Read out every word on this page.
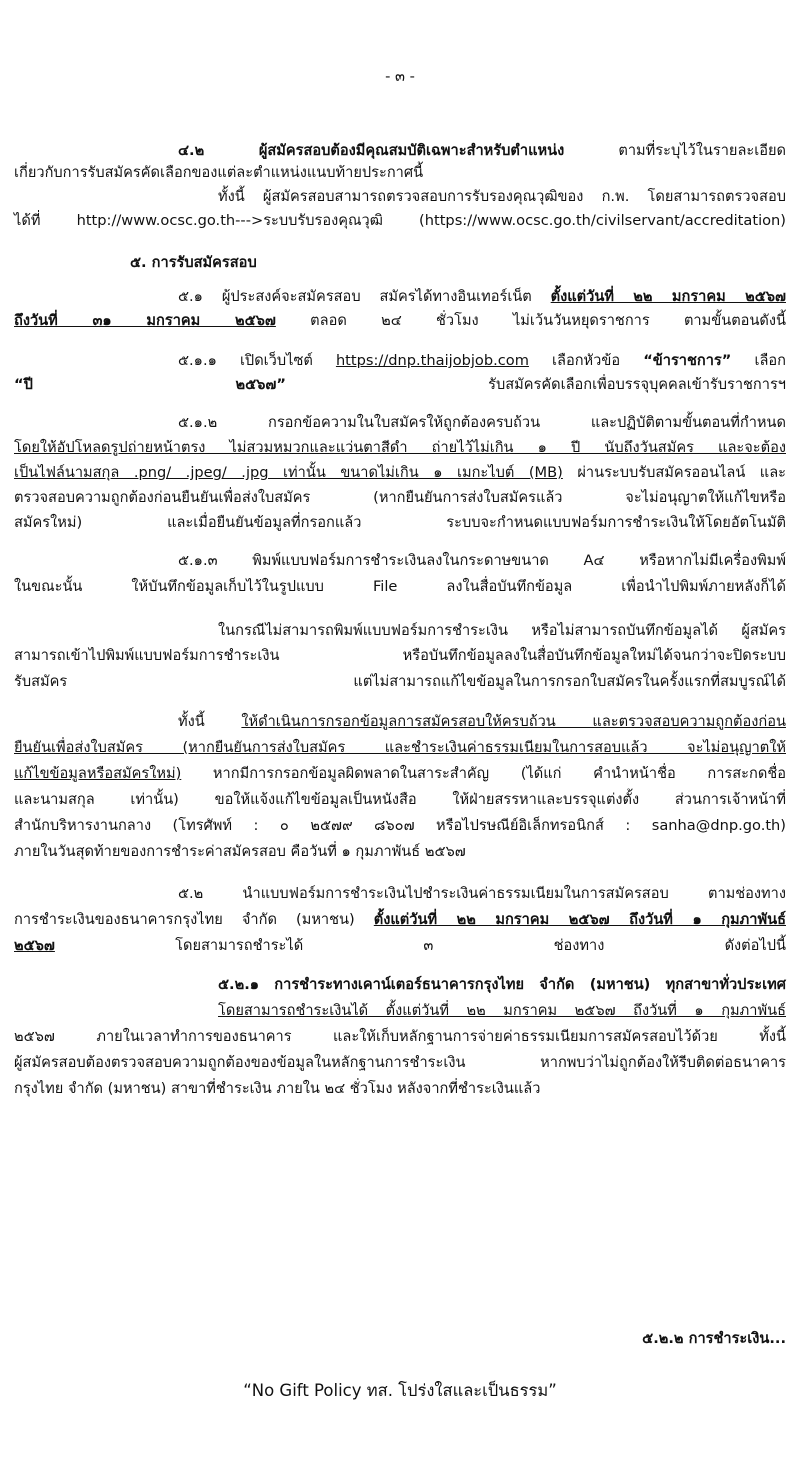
- ๓ -
๔.๒ ผู้สมัครสอบต้องมีคุณสมบัติเฉพาะสำหรับตำแหน่ง ตามที่ระบุไว้ในรายละเอียด
เกี่ยวกับการรับสมัครคัดเลือกของแต่ละตำแหน่งแนบท้ายประกาศนี้
ทั้งนี้ ผู้สมัครสอบสามารถตรวจสอบการรับรองคุณวุฒิของ ก.พ. โดยสามารถตรวจสอบ
ได้ที่ http://www.ocsc.go.th--->ระบบรับรองคุณวุฒิ (https://www.ocsc.go.th/civilservant/accreditation)
๕. การรับสมัครสอบ
๕.๑ ผู้ประสงค์จะสมัครสอบ สมัครได้ทางอินเทอร์เน็ต ตั้งแต่วันที่ ๒๒ มกราคม ๒๕๖๗
ถึงวันที่ ๓๑ มกราคม ๒๕๖๗ ตลอด ๒๔ ชั่วโมง ไม่เว้นวันหยุดราชการ ตามขั้นตอนดังนี้
๕.๑.๑ เปิดเว็บไซต์ https://dnp.thaijobjob.com เลือกหัวข้อ “ข้าราชการ” เลือก
“ปี ๒๕๖๗” รับสมัครคัดเลือกเพื่อบรรจุบุคคลเข้ารับราชการฯ
๕.๑.๒ กรอกข้อความในใบสมัครให้ถูกต้องครบถ้วน และปฏิบัติตามขั้นตอนที่กำหนด
โดยให้อัปโหลดรูปถ่ายหน้าตรง ไม่สวมหมวกและแว่นตาสีดำ ถ่ายไว้ไม่เกิน ๑ ปี นับถึงวันสมัคร และจะต้อง
เป็นไฟล์นามสกุล .png/ .jpeg/ .jpg เท่านั้น ขนาดไม่เกิน ๑ เมกะไบต์ (MB) ผ่านระบบรับสมัครออนไลน์ และ
ตรวจสอบความถูกต้องก่อนยืนยันเพื่อส่งใบสมัคร (หากยืนยันการส่งใบสมัครแล้ว จะไม่อนุญาตให้แก้ไขหรือ
สมัครใหม่) และเมื่อยืนยันข้อมูลที่กรอกแล้ว ระบบจะกำหนดแบบฟอร์มการชำระเงินให้โดยอัตโนมัติ
๕.๑.๓ พิมพ์แบบฟอร์มการชำระเงินลงในกระดาษขนาด A๔ หรือหากไม่มีเครื่องพิมพ์
ในขณะนั้น ให้บันทึกข้อมูลเก็บไว้ในรูปแบบ File ลงในสื่อบันทึกข้อมูล เพื่อนำไปพิมพ์ภายหลังก็ได้
ในกรณีไม่สามารถพิมพ์แบบฟอร์มการชำระเงิน หรือไม่สามารถบันทึกข้อมูลได้ ผู้สมัคร
สามารถเข้าไปพิมพ์แบบฟอร์มการชำระเงิน หรือบันทึกข้อมูลลงในสื่อบันทึกข้อมูลใหม่ได้จนกว่าจะปิดระบบ
รับสมัคร แต่ไม่สามารถแก้ไขข้อมูลในการกรอกใบสมัครในครั้งแรกที่สมบูรณ์ได้
ทั้งนี้ ให้ดำเนินการกรอกข้อมูลการสมัครสอบให้ครบถ้วน และตรวจสอบความถูกต้องก่อน
ยืนยันเพื่อส่งใบสมัคร (หากยืนยันการส่งใบสมัคร และชำระเงินค่าธรรมเนียมในการสอบแล้ว จะไม่อนุญาตให้
แก้ไขข้อมูลหรือสมัครใหม่) หากมีการกรอกข้อมูลผิดพลาดในสาระสำคัญ (ได้แก่ คำนำหน้าชื่อ การสะกดชื่อ
และนามสกุล เท่านั้น) ขอให้แจ้งแก้ไขข้อมูลเป็นหนังสือ ให้ฝ่ายสรรหาและบรรจุแต่งตั้ง ส่วนการเจ้าหน้าที่
สำนักบริหารงานกลาง (โทรศัพท์ : ๐ ๒๕๗๙ ๘๖๐๗ หรือไปรษณีย์อิเล็กทรอนิกส์ : sanha@dnp.go.th)
ภายในวันสุดท้ายของการชำระค่าสมัครสอบ คือวันที่ ๑ กุมภาพันธ์ ๒๕๖๗
๕.๒ นำแบบฟอร์มการชำระเงินไปชำระเงินค่าธรรมเนียมในการสมัครสอบ ตามช่องทาง
การชำระเงินของธนาคารกรุงไทย จำกัด (มหาชน) ตั้งแต่วันที่ ๒๒ มกราคม ๒๕๖๗ ถึงวันที่ ๑ กุมภาพันธ์
๒๕๖๗ โดยสามารถชำระได้ ๓ ช่องทาง ดังต่อไปนี้
๕.๒.๑ การชำระทางเคาน์เตอร์ธนาคารกรุงไทย จำกัด (มหาชน) ทุกสาขาทั่วประเทศ
โดยสามารถชำระเงินได้ ตั้งแต่วันที่ ๒๒ มกราคม ๒๕๖๗ ถึงวันที่ ๑ กุมภาพันธ์
๒๕๖๗ ภายในเวลาทำการของธนาคาร และให้เก็บหลักฐานการจ่ายค่าธรรมเนียมการสมัครสอบไว้ด้วย ทั้งนี้
ผู้สมัครสอบต้องตรวจสอบความถูกต้องของข้อมูลในหลักฐานการชำระเงิน หากพบว่าไม่ถูกต้องให้รีบติดต่อธนาคาร
กรุงไทย จำกัด (มหาชน) สาขาที่ชำระเงิน ภายใน ๒๔ ชั่วโมง หลังจากที่ชำระเงินแล้ว
๕.๒.๒ การชำระเงิน...
“No Gift Policy ทส. โปร่งใสและเป็นธรรม”
